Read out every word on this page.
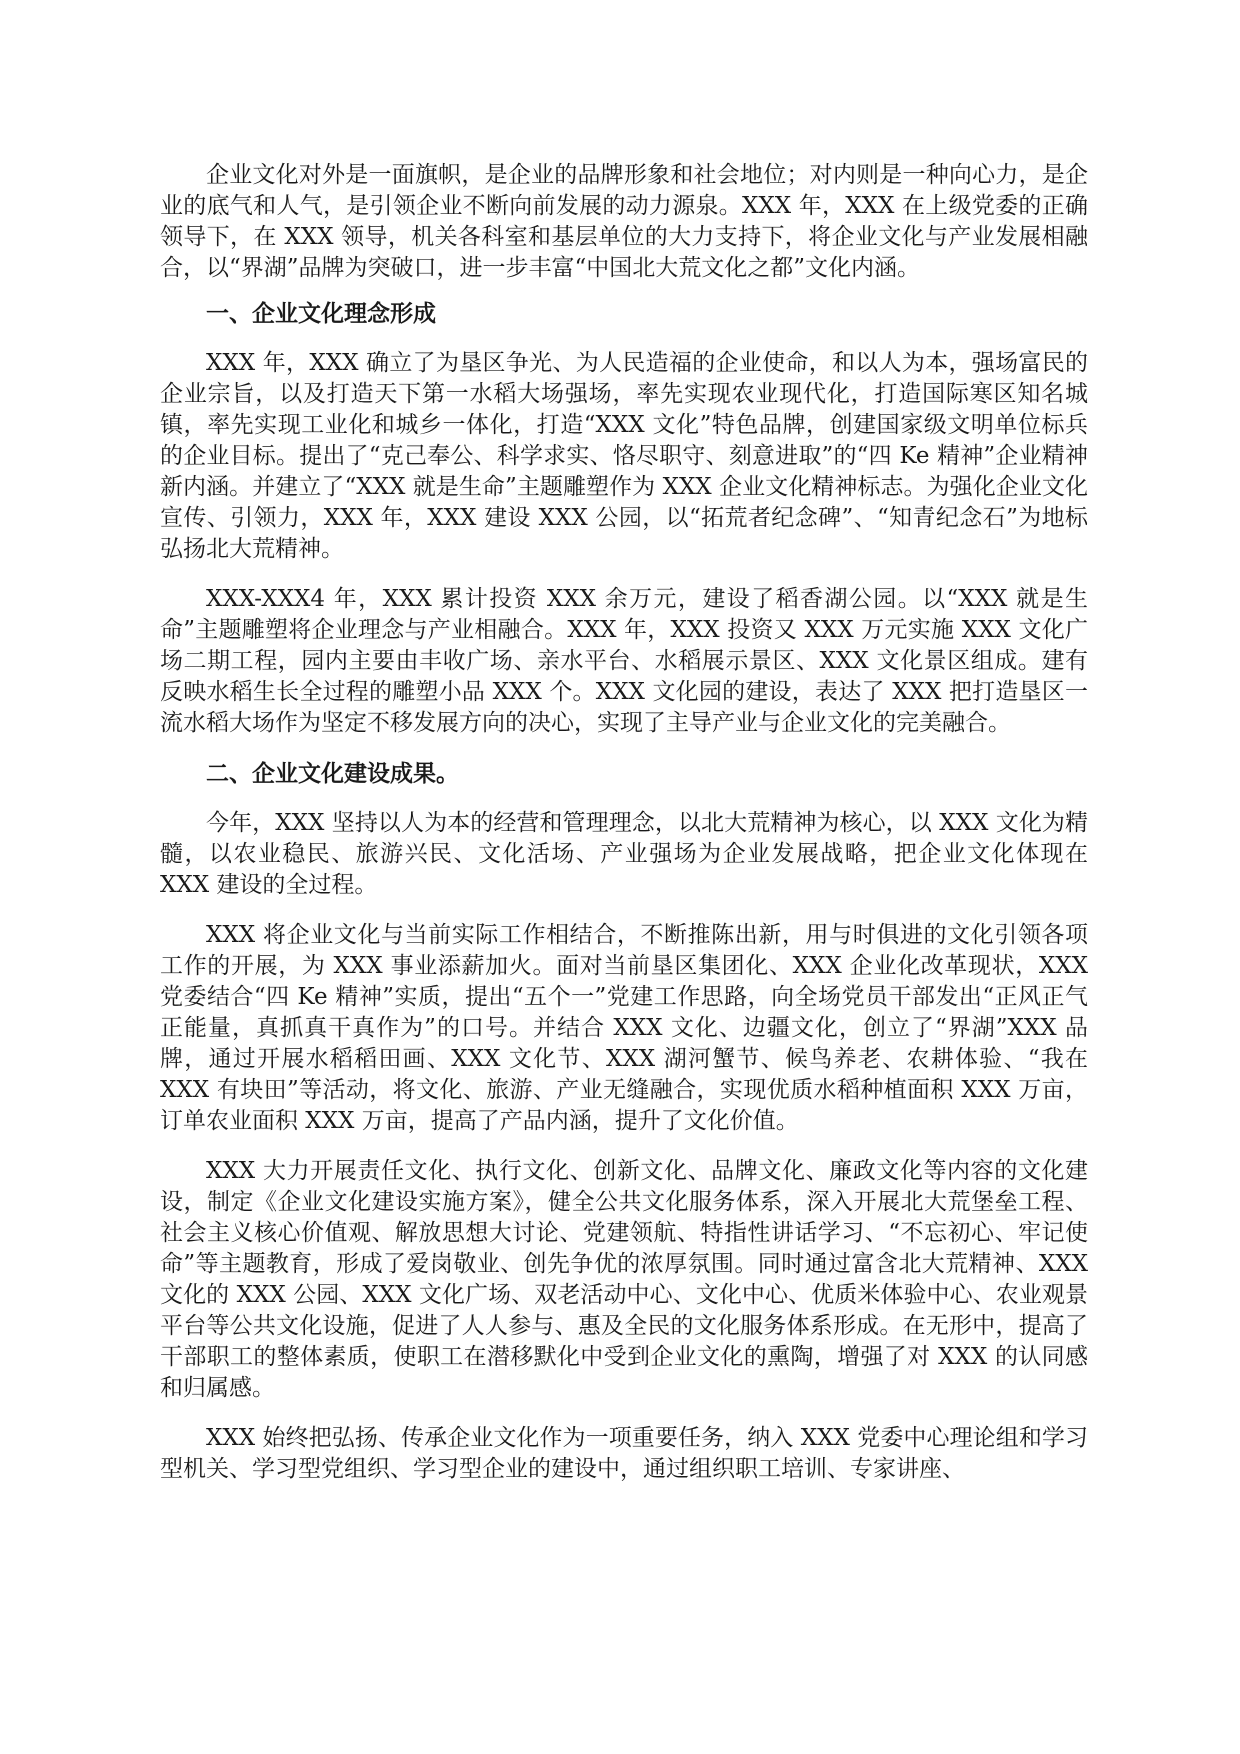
企业文化对外是一面旗帜，是企业的品牌形象和社会地位；对内则是一种向心力，是企业的底气和人气，是引领企业不断向前发展的动力源泉。XXX 年，XXX 在上级党委的正确领导下，在 XXX 领导，机关各科室和基层单位的大力支持下，将企业文化与产业发展相融合，以“界湖”品牌为突破口，进一步丰富“中国北大荒文化之都”文化内涵。

一、企业文化理念形成

XXX 年，XXX 确立了为垦区争光、为人民造福的企业使命，和以人为本，强场富民的企业宗旨，以及打造天下第一水稻大场强场，率先实现农业现代化，打造国际寒区知名城镇，率先实现工业化和城乡一体化，打造“XXX 文化”特色品牌，创建国家级文明单位标兵的企业目标。提出了“克己奉公、科学求实、恪尽职守、刻意进取”的“四 Ke 精神”企业精神新内涵。并建立了“XXX 就是生命”主题雕塑作为 XXX 企业文化精神标志。为强化企业文化宣传、引领力，XXX 年，XXX 建设 XXX 公园，以“拓荒者纪念碑”、“知青纪念石”为地标弘扬北大荒精神。

XXX-XXX4 年，XXX 累计投资 XXX 余万元，建设了稻香湖公园。以“XXX 就是生命”主题雕塑将企业理念与产业相融合。XXX 年，XXX 投资又 XXX 万元实施 XXX 文化广场二期工程，园内主要由丰收广场、亲水平台、水稻展示景区、XXX 文化景区组成。建有反映水稻生长全过程的雕塑小品 XXX 个。XXX 文化园的建设，表达了 XXX 把打造垦区一流水稻大场作为坚定不移发展方向的决心，实现了主导产业与企业文化的完美融合。

二、企业文化建设成果。

今年，XXX 坚持以人为本的经营和管理理念，以北大荒精神为核心，以 XXX 文化为精髓，以农业稳民、旅游兴民、文化活场、产业强场为企业发展战略，把企业文化体现在 XXX 建设的全过程。

XXX 将企业文化与当前实际工作相结合，不断推陈出新，用与时俱进的文化引领各项工作的开展，为 XXX 事业添薪加火。面对当前垦区集团化、XXX 企业化改革现状，XXX 党委结合“四 Ke 精神”实质，提出“五个一”党建工作思路，向全场党员干部发出“正风正气正能量，真抓真干真作为”的口号。并结合 XXX 文化、边疆文化，创立了“界湖”XXX 品牌，通过开展水稻稻田画、XXX 文化节、XXX 湖河蟹节、候鸟养老、农耕体验、“我在 XXX 有块田”等活动，将文化、旅游、产业无缝融合，实现优质水稻种植面积 XXX 万亩，订单农业面积 XXX 万亩，提高了产品内涵，提升了文化价值。

XXX 大力开展责任文化、执行文化、创新文化、品牌文化、廉政文化等内容的文化建设，制定《企业文化建设实施方案》，健全公共文化服务体系，深入开展北大荒堡垒工程、社会主义核心价值观、解放思想大讨论、党建领航、特指性讲话学习、“不忘初心、牢记使命”等主题教育，形成了爱岗敬业、创先争优的浓厚氛围。同时通过富含北大荒精神、XXX 文化的 XXX 公园、XXX 文化广场、双老活动中心、文化中心、优质米体验中心、农业观景平台等公共文化设施，促进了人人参与、惠及全民的文化服务体系形成。在无形中，提高了干部职工的整体素质，使职工在潜移默化中受到企业文化的熏陶，增强了对 XXX 的认同感和归属感。

XXX 始终把弘扬、传承企业文化作为一项重要任务，纳入 XXX 党委中心理论组和学习型机关、学习型党组织、学习型企业的建设中，通过组织职工培训、专家讲座、
